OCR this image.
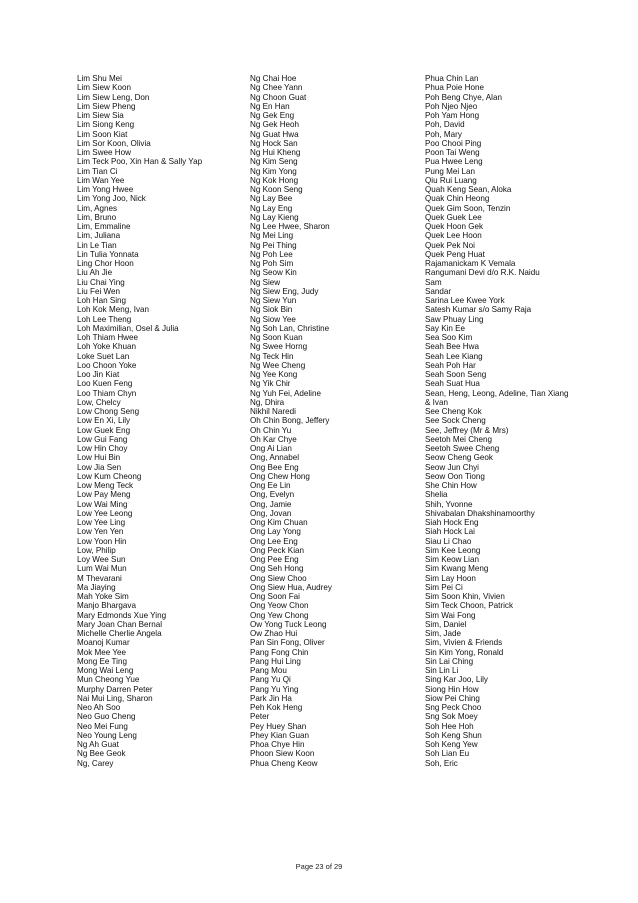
Lim Shu Mei
Lim Siew Koon
Lim Siew Leng, Don
Lim Siew Pheng
Lim Siew Sia
Lim Siong Keng
Lim Soon Kiat
Lim Sor Koon, Olivia
Lim Swee How
Lim Teck Poo, Xin Han & Sally Yap
Lim Tian Ci
Lim Wan Yee
Lim Yong Hwee
Lim Yong Joo, Nick
Lim, Agnes
Lim, Bruno
Lim, Emmaline
Lim, Juliana
Lin Le Tian
Lin Tulia Yonnata
Ling Chor Hoon
Liu Ah Jie
Liu Chai Ying
Liu Fei Wen
Loh Han Sing
Loh Kok Meng, Ivan
Loh Lee Theng
Loh Maximilian, Osel & Julia
Loh Thiam Hwee
Loh Yoke Khuan
Loke Suet Lan
Loo Choon Yoke
Loo Jin Kiat
Loo Kuen Feng
Loo Thiam Chyn
Low, Chelcy
Low Chong Seng
Low En Xi, Lily
Low Guek Eng
Low Gui Fang
Low Hin Choy
Low Hui Bin
Low Jia Sen
Low Kum Cheong
Low Meng Teck
Low Pay Meng
Low Wai Ming
Low Yee Leong
Low Yee Ling
Low Yen Yen
Low Yoon Hin
Low, Philip
Loy Wee Sun
Lum Wai Mun
M Thevarani
Ma Jiaying
Mah Yoke Sim
Manjo Bhargava
Mary Edmonds Xue Ying
Mary Joan Chan Bernal
Michelle Cherlie Angela
Moanoj Kumar
Mok Mee Yee
Mong Ee Ting
Mong Wai Leng
Mun Cheong Yue
Murphy Darren Peter
Nai Mui Ling, Sharon
Neo Ah Soo
Neo Guo Cheng
Neo Mei Fung
Neo Young Leng
Ng Ah Guat
Ng Bee Geok
Ng, Carey
Ng Chai Hoe
Ng Chee Yann
Ng Choon Guat
Ng En Han
Ng Gek Eng
Ng Gek Heoh
Ng Guat Hwa
Ng Hock San
Ng Hui Kheng
Ng Kim Seng
Ng Kim Yong
Ng Kok Hong
Ng Koon Seng
Ng Lay Bee
Ng Lay Eng
Ng Lay Kieng
Ng Lee Hwee, Sharon
Ng Mei Ling
Ng Pei Thing
Ng Poh Lee
Ng Poh Sim
Ng Seow Kin
Ng Siew
Ng Siew Eng, Judy
Ng Siew Yun
Ng Siok Bin
Ng Siow Yee
Ng Soh Lan, Christine
Ng Soon Kuan
Ng Swee Horng
Ng Teck Hin
Ng Wee Cheng
Ng Yee Kong
Ng Yik Chir
Ng Yuh Fei, Adeline
Ng, Dhira
Nikhil Naredi
Oh Chin Bong, Jeffery
Oh Chin Yu
Oh Kar Chye
Ong Ai Lian
Ong, Annabel
Ong Bee Eng
Ong Chew Hong
Ong Ee Lin
Ong, Evelyn
Ong, Jamie
Ong, Jovan
Ong Kim Chuan
Ong Lay Yong
Ong Lee Eng
Ong Peck Kian
Ong Pee Eng
Ong Seh Hong
Ong Siew Choo
Ong Siew Hua, Audrey
Ong Soon Fai
Ong Yeow Chon
Ong Yew Chong
Ow Yong Tuck Leong
Ow Zhao Hui
Pan Sin Fong, Oliver
Pang Fong Chin
Pang Hui Ling
Pang Mou
Pang Yu Qi
Pang Yu Ying
Park Jin Ha
Peh Kok Heng
Peter
Pey Huey Shan
Phey Kian Guan
Phoa Chye Hin
Phoon Siew Koon
Phua Cheng Keow
Phua Chin Lan
Phua Poie Hone
Poh Beng Chye, Alan
Poh Njeo Njeo
Poh Yam Hong
Poh, David
Poh, Mary
Poo Chooi Ping
Poon Tai Weng
Pua Hwee Leng
Pung Mei Lan
Qiu Rui Luang
Quah Keng Sean, Aloka
Quak Chin Heong
Quek Gim Soon, Tenzin
Quek Guek Lee
Quek Hoon Gek
Quek Lee Hoon
Quek Pek Noi
Quek Peng Huat
Rajamanickam K Vemala
Rangumani Devi d/o R.K. Naidu
Sam
Sandar
Sarina Lee Kwee York
Satesh Kumar s/o Samy Raja
Saw Phuay Ling
Say Kin Ee
Sea Soo Kim
Seah Bee Hwa
Seah Lee Kiang
Seah Poh Har
Seah Soon Seng
Seah Suat Hua
Sean, Heng, Leong, Adeline, Tian Xiang
& Ivan
See Cheng Kok
See Sock Cheng
See, Jeffrey (Mr & Mrs)
Seetoh Mei Cheng
Seetoh Swee Cheng
Seow Cheng Geok
Seow Jun Chyi
Seow Oon Tiong
She Chin How
Shelia
Shih, Yvonne
Shivabalan Dhakshinamoorthy
Siah Hock Eng
Siah Hock Lai
Siau Li Chao
Sim Kee Leong
Sim Keow Lian
Sim Kwang Meng
Sim Lay Hoon
Sim Pei Ci
Sim Soon Khin, Vivien
Sim Teck Choon, Patrick
Sim Wai Fong
Sim, Daniel
Sim, Jade
Sim, Vivien & Friends
Sin Kim Yong, Ronald
Sin Lai Ching
Sin Lin Li
Sing Kar Joo, Lily
Siong Hin How
Siow Pei Ching
Sng Peck Choo
Sng Sok Moey
Soh Hee Hoh
Soh Keng Shun
Soh Keng Yew
Soh Lian Eu
Soh, Eric
Page 23 of 29
